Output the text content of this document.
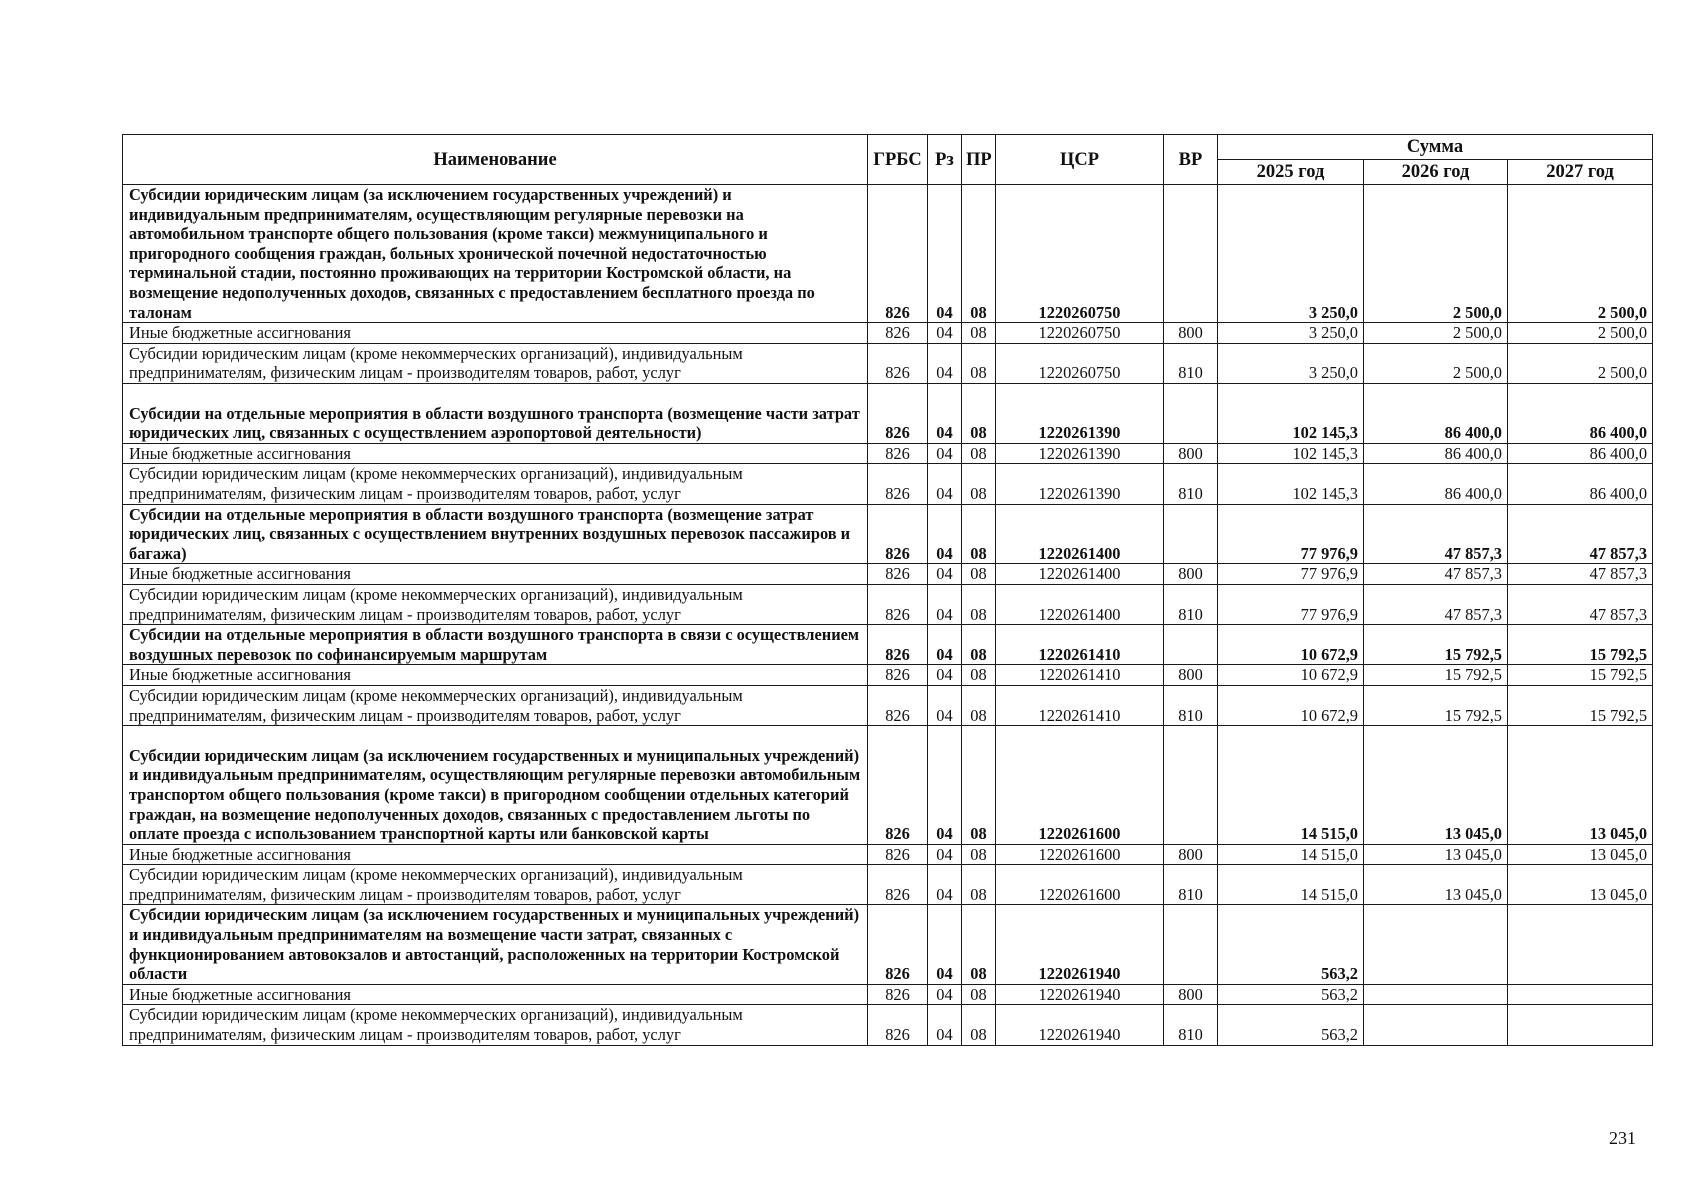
Наименование	ГРБС	Рз	ПР	ЦСР	ВР	Сумма		
						2025 год	2026 год	2027 год
Субсидии юридическим лицам (за исключением государственных учреждений) и индивидуальным предпринимателям, осуществляющим регулярные перевозки на автомобильном транспорте общего пользования (кроме такси) межмуниципального и пригородного сообщения граждан, больных хронической почечной недостаточностью терминальной стадии, постоянно проживающих на территории Костромской области, на возмещение недополученных доходов, связанных с предоставлением бесплатного проезда по талонам	826	04	08	1220260750		3 250,0	2 500,0	2 500,0
Иные бюджетные ассигнования	826	04	08	1220260750	800	3 250,0	2 500,0	2 500,0
Субсидии юридическим лицам (кроме некоммерческих организаций), индивидуальным предпринимателям, физическим лицам - производителям товаров, работ, услуг	826	04	08	1220260750	810	3 250,0	2 500,0	2 500,0
Субсидии на отдельные мероприятия в области воздушного транспорта (возмещение части затрат юридических лиц, связанных с осуществлением аэропортовой деятельности)	826	04	08	1220261390		102 145,3	86 400,0	86 400,0
Иные бюджетные ассигнования	826	04	08	1220261390	800	102 145,3	86 400,0	86 400,0
Субсидии юридическим лицам (кроме некоммерческих организаций), индивидуальным предпринимателям, физическим лицам - производителям товаров, работ, услуг	826	04	08	1220261390	810	102 145,3	86 400,0	86 400,0
Субсидии на отдельные мероприятия в области воздушного транспорта (возмещение затрат юридических лиц, связанных с осуществлением внутренних воздушных перевозок пассажиров и багажа)	826	04	08	1220261400		77 976,9	47 857,3	47 857,3
Иные бюджетные ассигнования	826	04	08	1220261400	800	77 976,9	47 857,3	47 857,3
Субсидии юридическим лицам (кроме некоммерческих организаций), индивидуальным предпринимателям, физическим лицам - производителям товаров, работ, услуг	826	04	08	1220261400	810	77 976,9	47 857,3	47 857,3
Субсидии на отдельные мероприятия в области воздушного транспорта в связи с осуществлением воздушных перевозок по софинансируемым маршрутам	826	04	08	1220261410		10 672,9	15 792,5	15 792,5
Иные бюджетные ассигнования	826	04	08	1220261410	800	10 672,9	15 792,5	15 792,5
Субсидии юридическим лицам (кроме некоммерческих организаций), индивидуальным предпринимателям, физическим лицам - производителям товаров, работ, услуг	826	04	08	1220261410	810	10 672,9	15 792,5	15 792,5
Субсидии юридическим лицам (за исключением государственных и муниципальных учреждений) и индивидуальным предпринимателям, осуществляющим регулярные перевозки автомобильным транспортом общего пользования (кроме такси) в пригородном сообщении отдельных категорий граждан, на возмещение недополученных доходов, связанных с предоставлением льготы по оплате проезда с использованием транспортной карты или банковской карты	826	04	08	1220261600		14 515,0	13 045,0	13 045,0
Иные бюджетные ассигнования	826	04	08	1220261600	800	14 515,0	13 045,0	13 045,0
Субсидии юридическим лицам (кроме некоммерческих организаций), индивидуальным предпринимателям, физическим лицам - производителям товаров, работ, услуг	826	04	08	1220261600	810	14 515,0	13 045,0	13 045,0
Субсидии юридическим лицам (за исключением государственных и муниципальных учреждений) и индивидуальным предпринимателям на возмещение части затрат, связанных с функционированием автовокзалов и автостанций, расположенных на территории Костромской области	826	04	08	1220261940		563,2		
Иные бюджетные ассигнования	826	04	08	1220261940	800	563,2		
Субсидии юридическим лицам (кроме некоммерческих организаций), индивидуальным предпринимателям, физическим лицам - производителям товаров, работ, услуг	826	04	08	1220261940	810	563,2		
231
